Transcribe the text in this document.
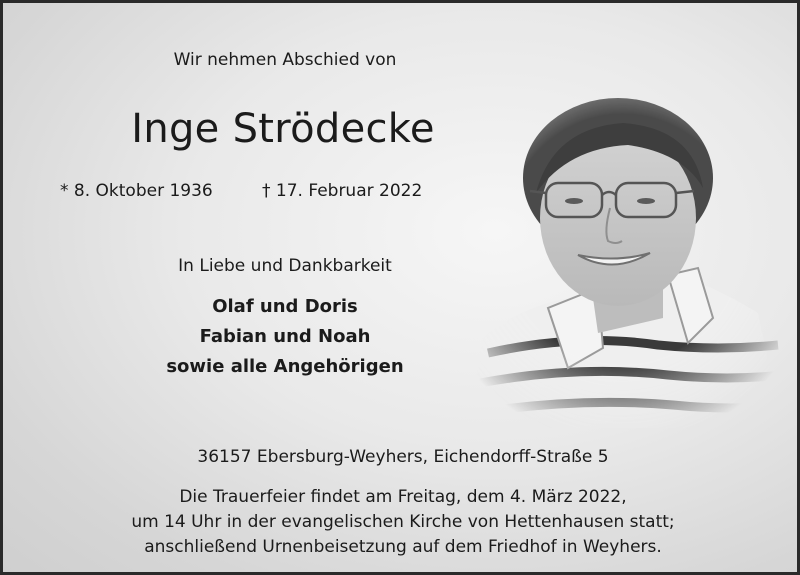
Wir nehmen Abschied von
Inge Strödecke
* 8. Oktober 1936	† 17. Februar 2022
In Liebe und Dankbarkeit
Olaf und Doris
Fabian und Noah
sowie alle Angehörigen
36157 Ebersburg-Weyhers, Eichendorff-Straße 5
Die Trauerfeier findet am Freitag, dem 4. März 2022,
um 14 Uhr in der evangelischen Kirche von Hettenhausen statt;
anschließend Urnenbeisetzung auf dem Friedhof in Weyhers.
